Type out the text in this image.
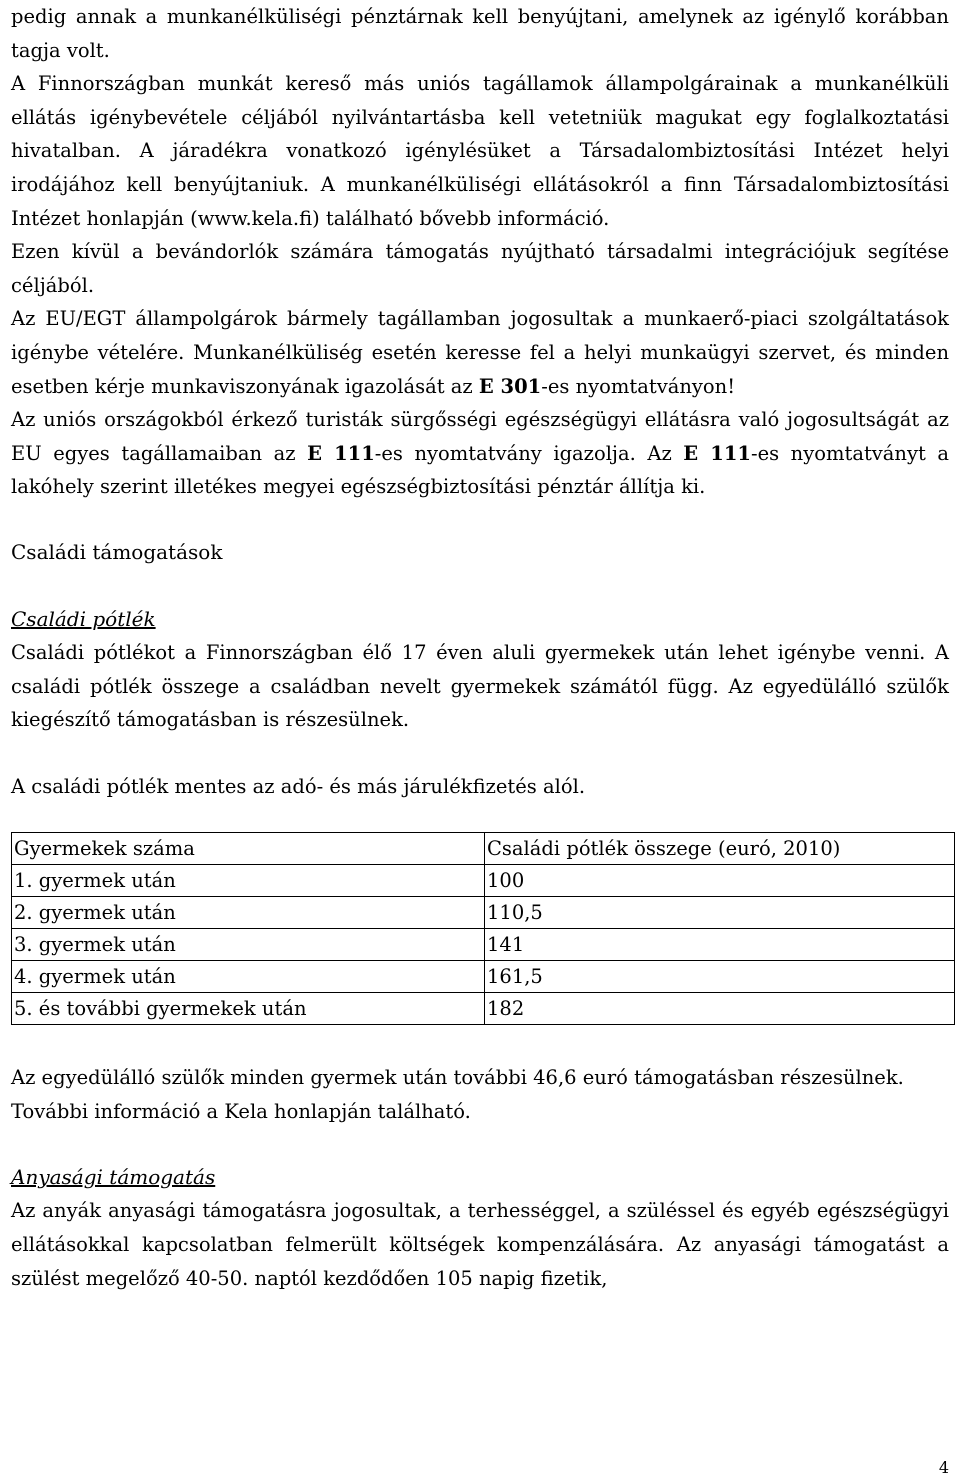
pedig annak a munkanélküliségi pénztárnak kell benyújtani, amelynek az igénylő korábban tagja volt.

A Finnországban munkát kereső más uniós tagállamok állampolgárainak a munkanélküli ellátás igénybevétele céljából nyilvántartásba kell vetetniük magukat egy foglalkoztatási hivatalban. A járadékra vonatkozó igénylésüket a Társadalombiztosítási Intézet helyi irodájához kell benyújtaniuk. A munkanélküliségi ellátásokról a finn Társadalombiztosítási Intézet honlapján (www.kela.fi) található bővebb információ.

Ezen kívül a bevándorlók számára támogatás nyújtható társadalmi integrációjuk segítése céljából.

Az EU/EGT állampolgárok bármely tagállamban jogosultak a munkaerő-piaci szolgáltatások igénybe vételére. Munkanélküliség esetén keresse fel a helyi munkaügyi szervet, és minden esetben kérje munkaviszonyának igazolását az E 301-es nyomtatványon!

Az uniós országokból érkező turisták sürgősségi egészségügyi ellátásra való jogosultságát az EU egyes tagállamaiban az E 111-es nyomtatvány igazolja. Az E 111-es nyomtatványt a lakóhely szerint illetékes megyei egészségbiztosítási pénztár állítja ki.

Családi támogatások
Családi pótlék

Családi pótlékot a Finnországban élő 17 éven aluli gyermekek után lehet igénybe venni. A családi pótlék összege a családban nevelt gyermekek számától függ. Az egyedülálló szülők kiegészítő támogatásban is részesülnek.

A családi pótlék mentes az adó- és más járulékfizetés alól.

Gyermekek száma	Családi pótlék összege (euró, 2010)
1. gyermek után	100
2. gyermek után	110,5
3. gyermek után	141
4. gyermek után	161,5
5. és további gyermekek után	182

Az egyedülálló szülők minden gyermek után további 46,6 euró támogatásban részesülnek.

További információ a Kela honlapján található.

Anyasági támogatás

Az anyák anyasági támogatásra jogosultak, a terhességgel, a szüléssel és egyéb egészségügyi ellátásokkal kapcsolatban felmerült költségek kompenzálására. Az anyasági támogatást a szülést megelőző 40-50. naptól kezdődően 105 napig fizetik,

4
